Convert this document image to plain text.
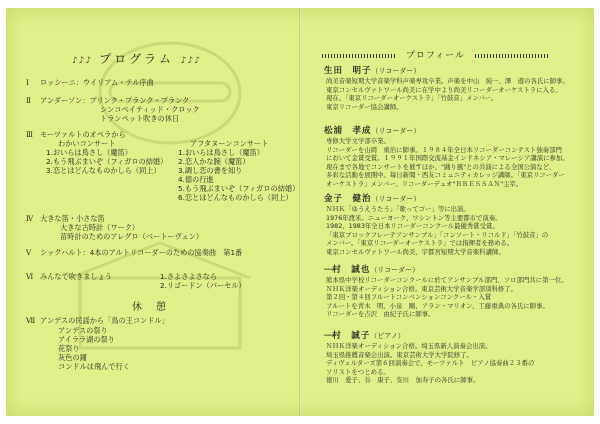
♪♪♪ プログラム ♪♪♪
Ⅰ ロッシーニ：ウイリアム・テル序曲
Ⅱ アンダーソン：プリンク・プランク・プランク
シンコペイティッド・クロック
トランペット吹きの休日
Ⅲ モーツァルトのオペラから
わかいコンサート	アフタヌーンコンサート
1.おいらは鳥さし（魔笛）
2.もう飛ぶまいぞ（フィガロの結婚）
3.恋とはどんなものかしら（同上）
1.おいらは鳥さし（魔笛）
2.恋人かな腕（魔笛）
3.調し恋の書を知り
4.德の行進
5.もう飛ぶまいぞ（フィガロの結婚）
6.恋とはどんなものかしら（同上）
Ⅳ 大きな笛・小さな笛
大きな古時計（ワーク）
苗時計のためのアレグロ（ベートーヴェン）
Ⅴ シックハルト：4本のアルトリコーダーのための協奏曲　第1番
Ⅵ みんなで吹きましょう	1.さよさよさなら
2.リゴードン（パーセル）
休憩
Ⅶ アンデスの民謡から「鳥の王コンドル」
アンデスの祭り
アイララ湖の祭り
花祭り
灰色の鐘
コンドルは飛んで行く
プロフィール
生田　明子（リコーダー）
尚美音楽短期大学音楽学科声楽専攻卒業。声楽を中山　純一、澤　遊の各氏に師事。
東京コンセルヴァトワール尚美に在学中より尚美リコーダーオーケストラに入る。
現在、「東京リコーダーオーケストラ」「竹鼓音」メンバー。
東京リコーダー協会講師。
松浦　孝成（リコーダー）
専修大学文学部卒業。
リコーダーを山岡　重治に師事。１９８４年全日本リコーダーコンテスト独奏部門
において金賞受賞。１９９１年国際交流基金インドネシア・マレーシア講演に参加。
現在まで各地でコンサートを催すほか、"踊り風"との共演による全国公演など、
多彩な活動を展開中。毎日新聞・西友コミュニティカレッジ講師。「東京リコーダー
オーケストラ」メンバー。リコーダーデュオ"ＢＲＥＳＳＡＮ"主宰。
金子　健治（リコーダー）
ＮＨＫ「ゆうえうたう」「歌ってゴー」等に出演。
1976年渡米。ニューヨーク、ワシントン等主要都市で演奏。
1982、1983年全日本リコーダーコンクール最優秀賞受賞。
「東京ブロックフレーテアンサンブル」「コンソート・リコルド」「竹鼓音」の
メンバー。「東京リコーダーオーケストラ」では指揮者を務める。
東京コンセルヴァトワール尚美、宇都宮短期大学音楽科講師。
──村　誠也（リコーダー）
熊本県中学校リコーダーコンクールに於てアンサンブル部門、ソロ部門共に第一位。
ＮＨＫ洋楽オーディション合格。東京芸術大学音楽学部別科修了。
第２回・第４回フルートコンベンションコンクール・入賞
フルートを青木　明、小泉　剛、アラン・マリオン、工藤重典の各氏に師事。
リコーダーを吉沢　由紀子氏に師事。
──村　誠子（ピアノ）
ＮＨＫ洋楽オーディション合格。埼玉県新人演奏会出演。
埼玉県推薦音楽会出演。東京芸術大学大学院修了。
ディヴェルターズ第６回演奏会で、モーツァルト　ピアノ協奏曲２３番の
ソリストをつとめる。
徳川　愛子、谷　康子、安川　加寿子の各氏に師事。
